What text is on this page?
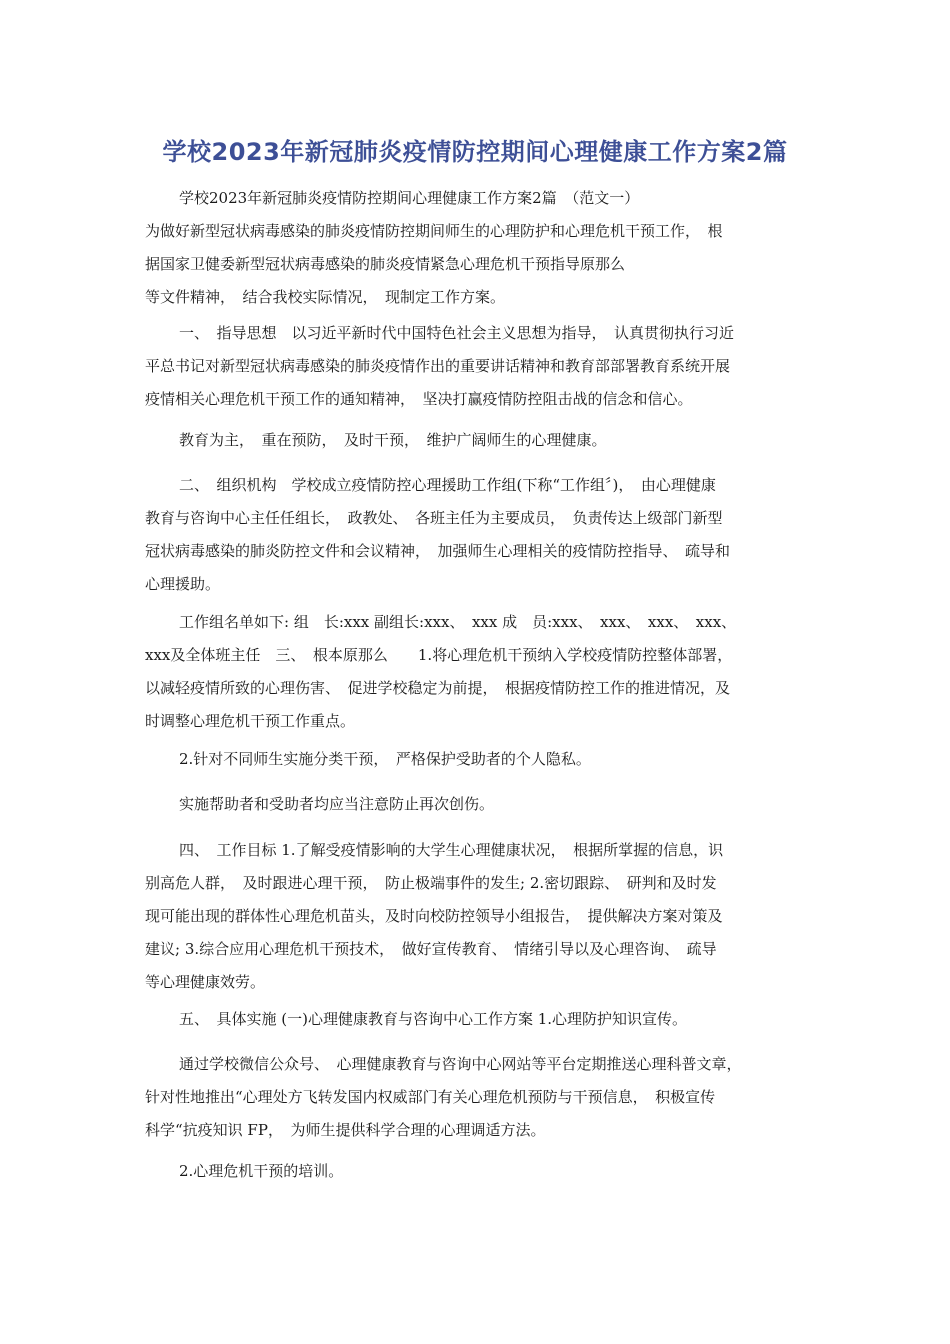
学校2023年新冠肺炎疫情防控期间心理健康工作方案2篇
学校2023年新冠肺炎疫情防控期间心理健康工作方案2篇　（范文一）
为做好新型冠状病毒感染的肺炎疫情防控期间师生的心理防护和心理危机干预工作，　根
据国家卫健委新型冠状病毒感染的肺炎疫情紧急心理危机干预指导原那么
等文件精神，　结合我校实际情况，　现制定工作方案。
一、　指导思想　以习近平新时代中国特色社会主义思想为指导，　认真贯彻执行习近
平总书记对新型冠状病毒感染的肺炎疫情作出的重要讲话精神和教育部部署教育系统开展
疫情相关心理危机干预工作的通知精神，　坚决打赢疫情防控阻击战的信念和信心。
教育为主，　重在预防，　及时干预，　维护广阔师生的心理健康。
二、　组织机构　学校成立疫情防控心理援助工作组(下称“工作组〞)，　由心理健康
教育与咨询中心主任任组长，　政教处、　各班主任为主要成员，　负责传达上级部门新型
冠状病毒感染的肺炎防控文件和会议精神，　加强师生心理相关的疫情防控指导、　疏导和
心理援助。
工作组名单如下: 组　长:xxx 副组长:xxx、　xxx 成　员:xxx、　xxx、　xxx、　xxx、
xxx及全体班主任　三、　根本原那么　　1.将心理危机干预纳入学校疫情防控整体部署，
以减轻疫情所致的心理伤害、　促进学校稳定为前提，　根据疫情防控工作的推进情况，及
时调整心理危机干预工作重点。
2.针对不同师生实施分类干预，　严格保护受助者的个人隐私。
实施帮助者和受助者均应当注意防止再次创伤。
四、　工作目标 1.了解受疫情影响的大学生心理健康状况，　根据所掌握的信息，识
别高危人群，　及时跟进心理干预，　防止极端事件的发生; 2.密切跟踪、　研判和及时发
现可能出现的群体性心理危机苗头，及时向校防控领导小组报告，　提供解决方案对策及
建议; 3.综合应用心理危机干预技术，　做好宣传教育、　情绪引导以及心理咨询、　疏导
等心理健康效劳。
五、　具体实施 (一)心理健康教育与咨询中心工作方案 1.心理防护知识宣传。
通过学校微信公众号、　心理健康教育与咨询中心网站等平台定期推送心理科普文章，
针对性地推出“心理处方飞转发国内权威部门有关心理危机预防与干预信息，　积极宣传
科学“抗疫知识 FP，　为师生提供科学合理的心理调适方法。
2.心理危机干预的培训。
